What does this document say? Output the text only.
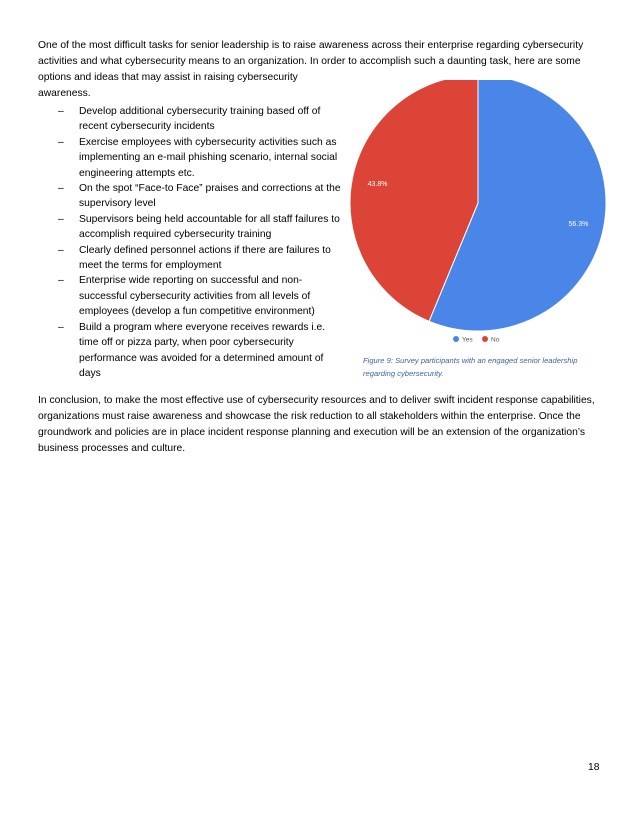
One of the most difficult tasks for senior leadership is to raise awareness across their enterprise regarding cybersecurity activities and what cybersecurity means to an organization. In order to accomplish such a daunting task, here are some

options and ideas that may assist in raising cybersecurity awareness.

– Develop additional cybersecurity training based off of recent cybersecurity incidents
– Exercise employees with cybersecurity activities such as implementing an e-mail phishing scenario, internal social engineering attempts etc.
– On the spot “Face-to Face” praises and corrections at the supervisory level
– Supervisors being held accountable for all staff failures to accomplish required cybersecurity training
– Clearly defined personnel actions if there are failures to meet the terms for employment
– Enterprise wide reporting on successful and non-successful cybersecurity activities from all levels of employees (develop a fun competitive environment)
– Build a program where everyone receives rewards i.e. time off or pizza party, when poor cybersecurity performance was avoided for a determined amount of days
56.3%
43.8%
Yes	No
Figure 9: Survey participants with an engaged senior leadership regarding cybersecurity.

In conclusion, to make the most effective use of cybersecurity resources and to deliver swift incident response capabilities, organizations must raise awareness and showcase the risk reduction to all stakeholders within the enterprise. Once the groundwork and policies are in place incident response planning and execution will be an extension of the organization’s business processes and culture.

18
